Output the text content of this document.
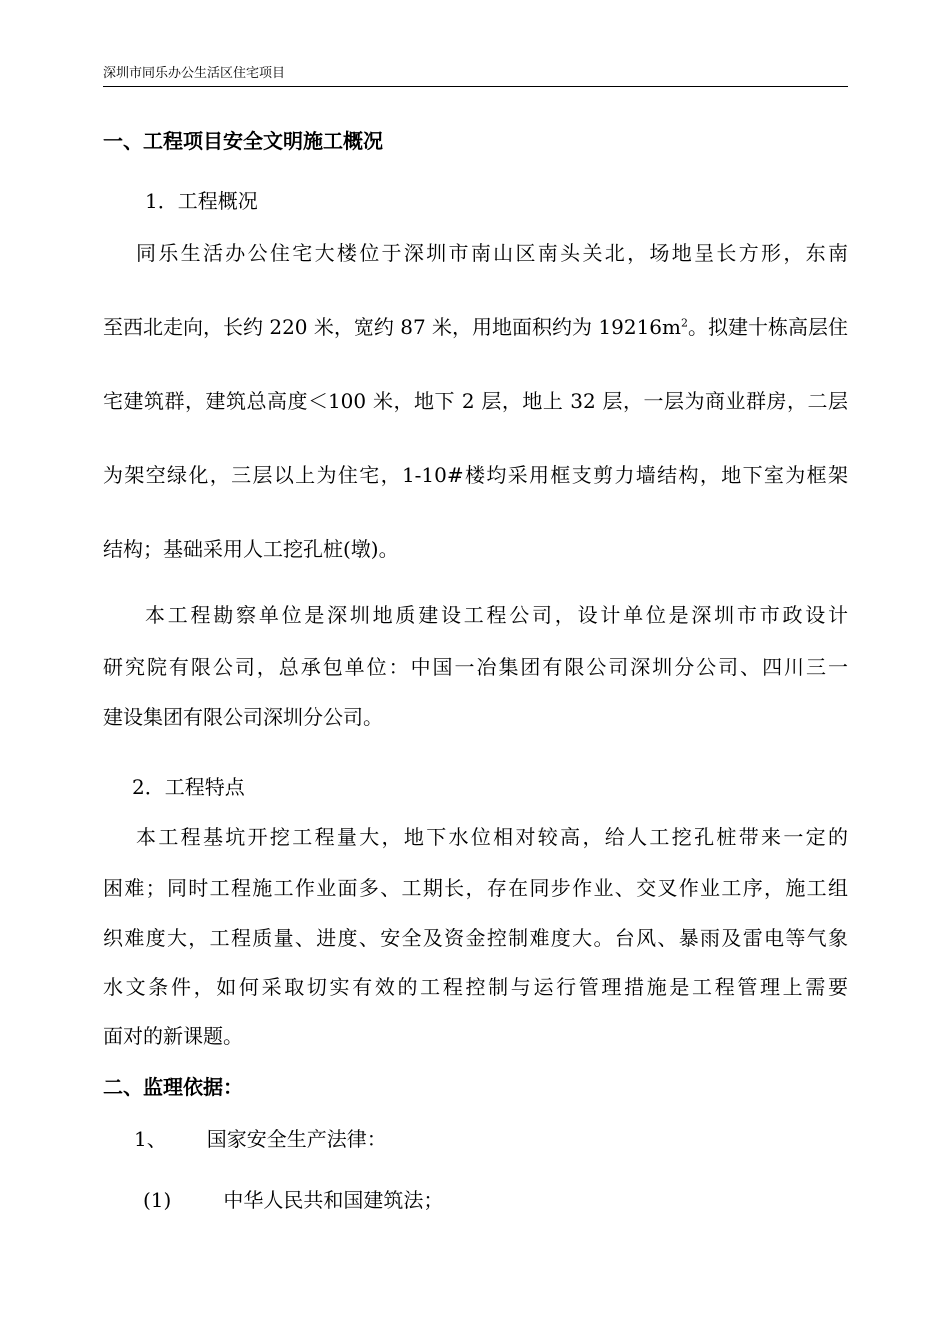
深圳市同乐办公生活区住宅项目
一、工程项目安全文明施工概况
1．工程概况
同乐生活办公住宅大楼位于深圳市南山区南头关北，场地呈长方形，东南
至西北走向，长约 220 米，宽约 87 米，用地面积约为 $19216m^2$。拟建十栋高层住
宅建筑群，建筑总高度＜100 米，地下 2 层，地上 32 层，一层为商业群房，二层
为架空绿化，三层以上为住宅，1-10#楼均采用框支剪力墙结构，地下室为框架
结构；基础采用人工挖孔桩(墩)。
本工程勘察单位是深圳地质建设工程公司，设计单位是深圳市市政设计
研究院有限公司，总承包单位：中国一冶集团有限公司深圳分公司、四川三一
建设集团有限公司深圳分公司。
2．工程特点
本工程基坑开挖工程量大，地下水位相对较高，给人工挖孔桩带来一定的
困难；同时工程施工作业面多、工期长，存在同步作业、交叉作业工序，施工组
织难度大，工程质量、进度、安全及资金控制难度大。台风、暴雨及雷电等气象
水文条件，如何采取切实有效的工程控制与运行管理措施是工程管理上需要
面对的新课题。
二、监理依据：
1、 国家安全生产法律：
(1)	中华人民共和国建筑法；
